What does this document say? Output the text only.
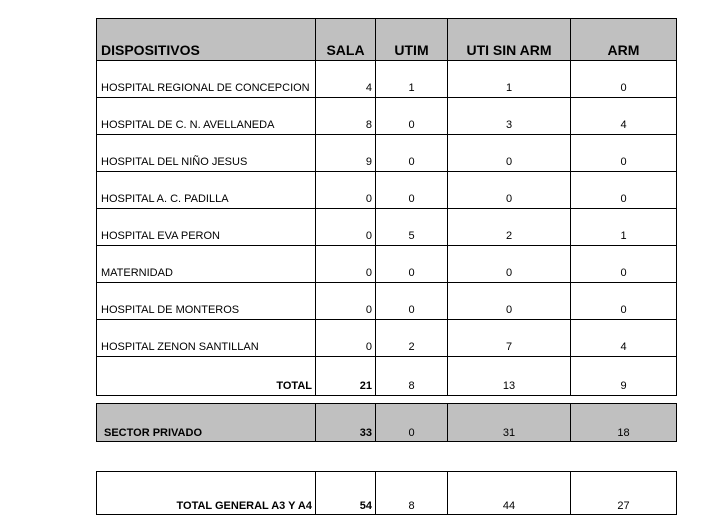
DISPOSITIVOS	SALA	UTIM	UTI SIN ARM	ARM
HOSPITAL REGIONAL DE CONCEPCION	4	1	1	0
HOSPITAL DE C. N. AVELLANEDA	8	0	3	4
HOSPITAL DEL NIÑO JESUS	9	0	0	0
HOSPITAL A. C. PADILLA	0	0	0	0
HOSPITAL EVA PERON	0	5	2	1
MATERNIDAD	0	0	0	0
HOSPITAL DE MONTEROS	0	0	0	0
HOSPITAL ZENON SANTILLAN	0	2	7	4
TOTAL	21	8	13	9
SECTOR PRIVADO	33	0	31	18
TOTAL GENERAL A3 Y A4	54	8	44	27
